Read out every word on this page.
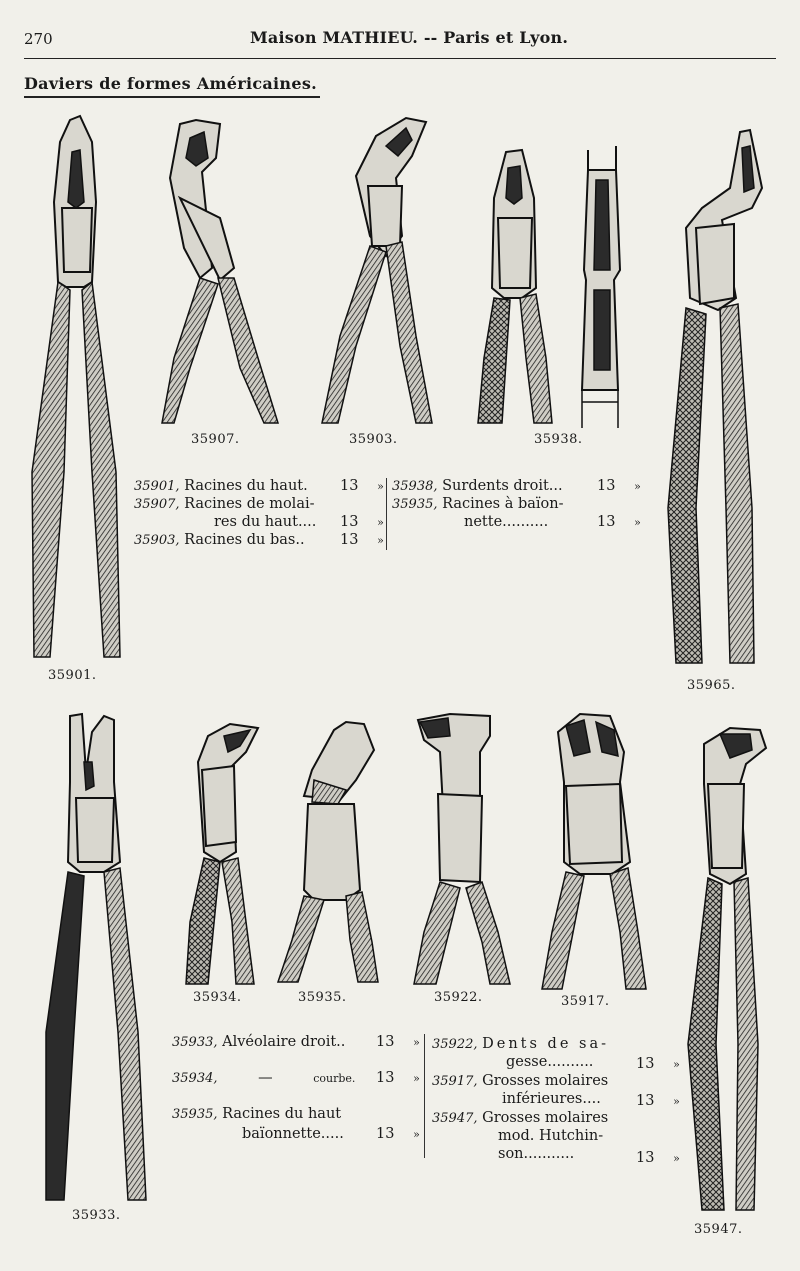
270	Maison MATHIEU. -- Paris et Lyon.
Daviers de formes Américaines.
35901.
35907.	35903.	35938.
35965.
35901, Racines du haut. 13 »
35907, Racines de molai-
res du haut.... 13 »
35903, Racines du bas.. 13 »
35938, Surdents droit... 13 »
35935, Racines à baïon-
nette..........	13 »
35933.
35934.	35935.	35922.	35917.
35947.
35933, Alvéolaire droit.. 13 »
35934,	—	courbe. 13 »
35935, Racines du haut
baïonnette..... 13 »
35922, Dents de sa-
gesse..........	13 »
35917, Grosses molaires
inférieures.... 13 »
35947, Grosses molaires
mod. Hutchin-
son...........	13 »
